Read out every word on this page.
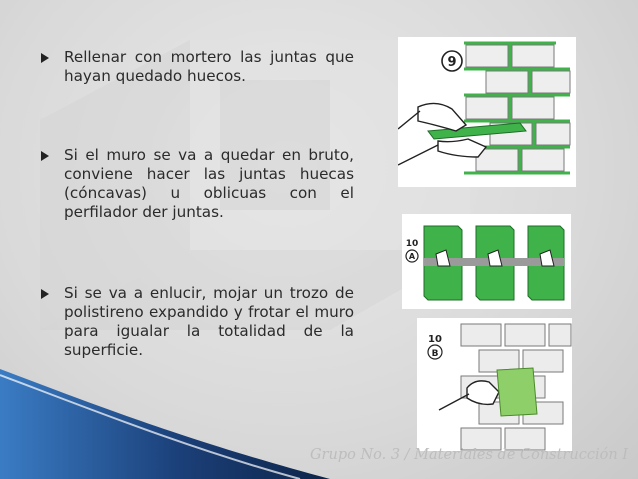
Rellenar con mortero las juntas que hayan quedado huecos.
Si el muro se va a quedar en bruto, conviene hacer las juntas huecas (cóncavas) u oblicuas con el perfilador der juntas.
Si se va a enlucir, mojar un trozo de polistireno expandido y frotar el muro para igualar la totalidad de la superficie.
9
10
A
10
B
Grupo No. 3 / Materiales de Construcción I
